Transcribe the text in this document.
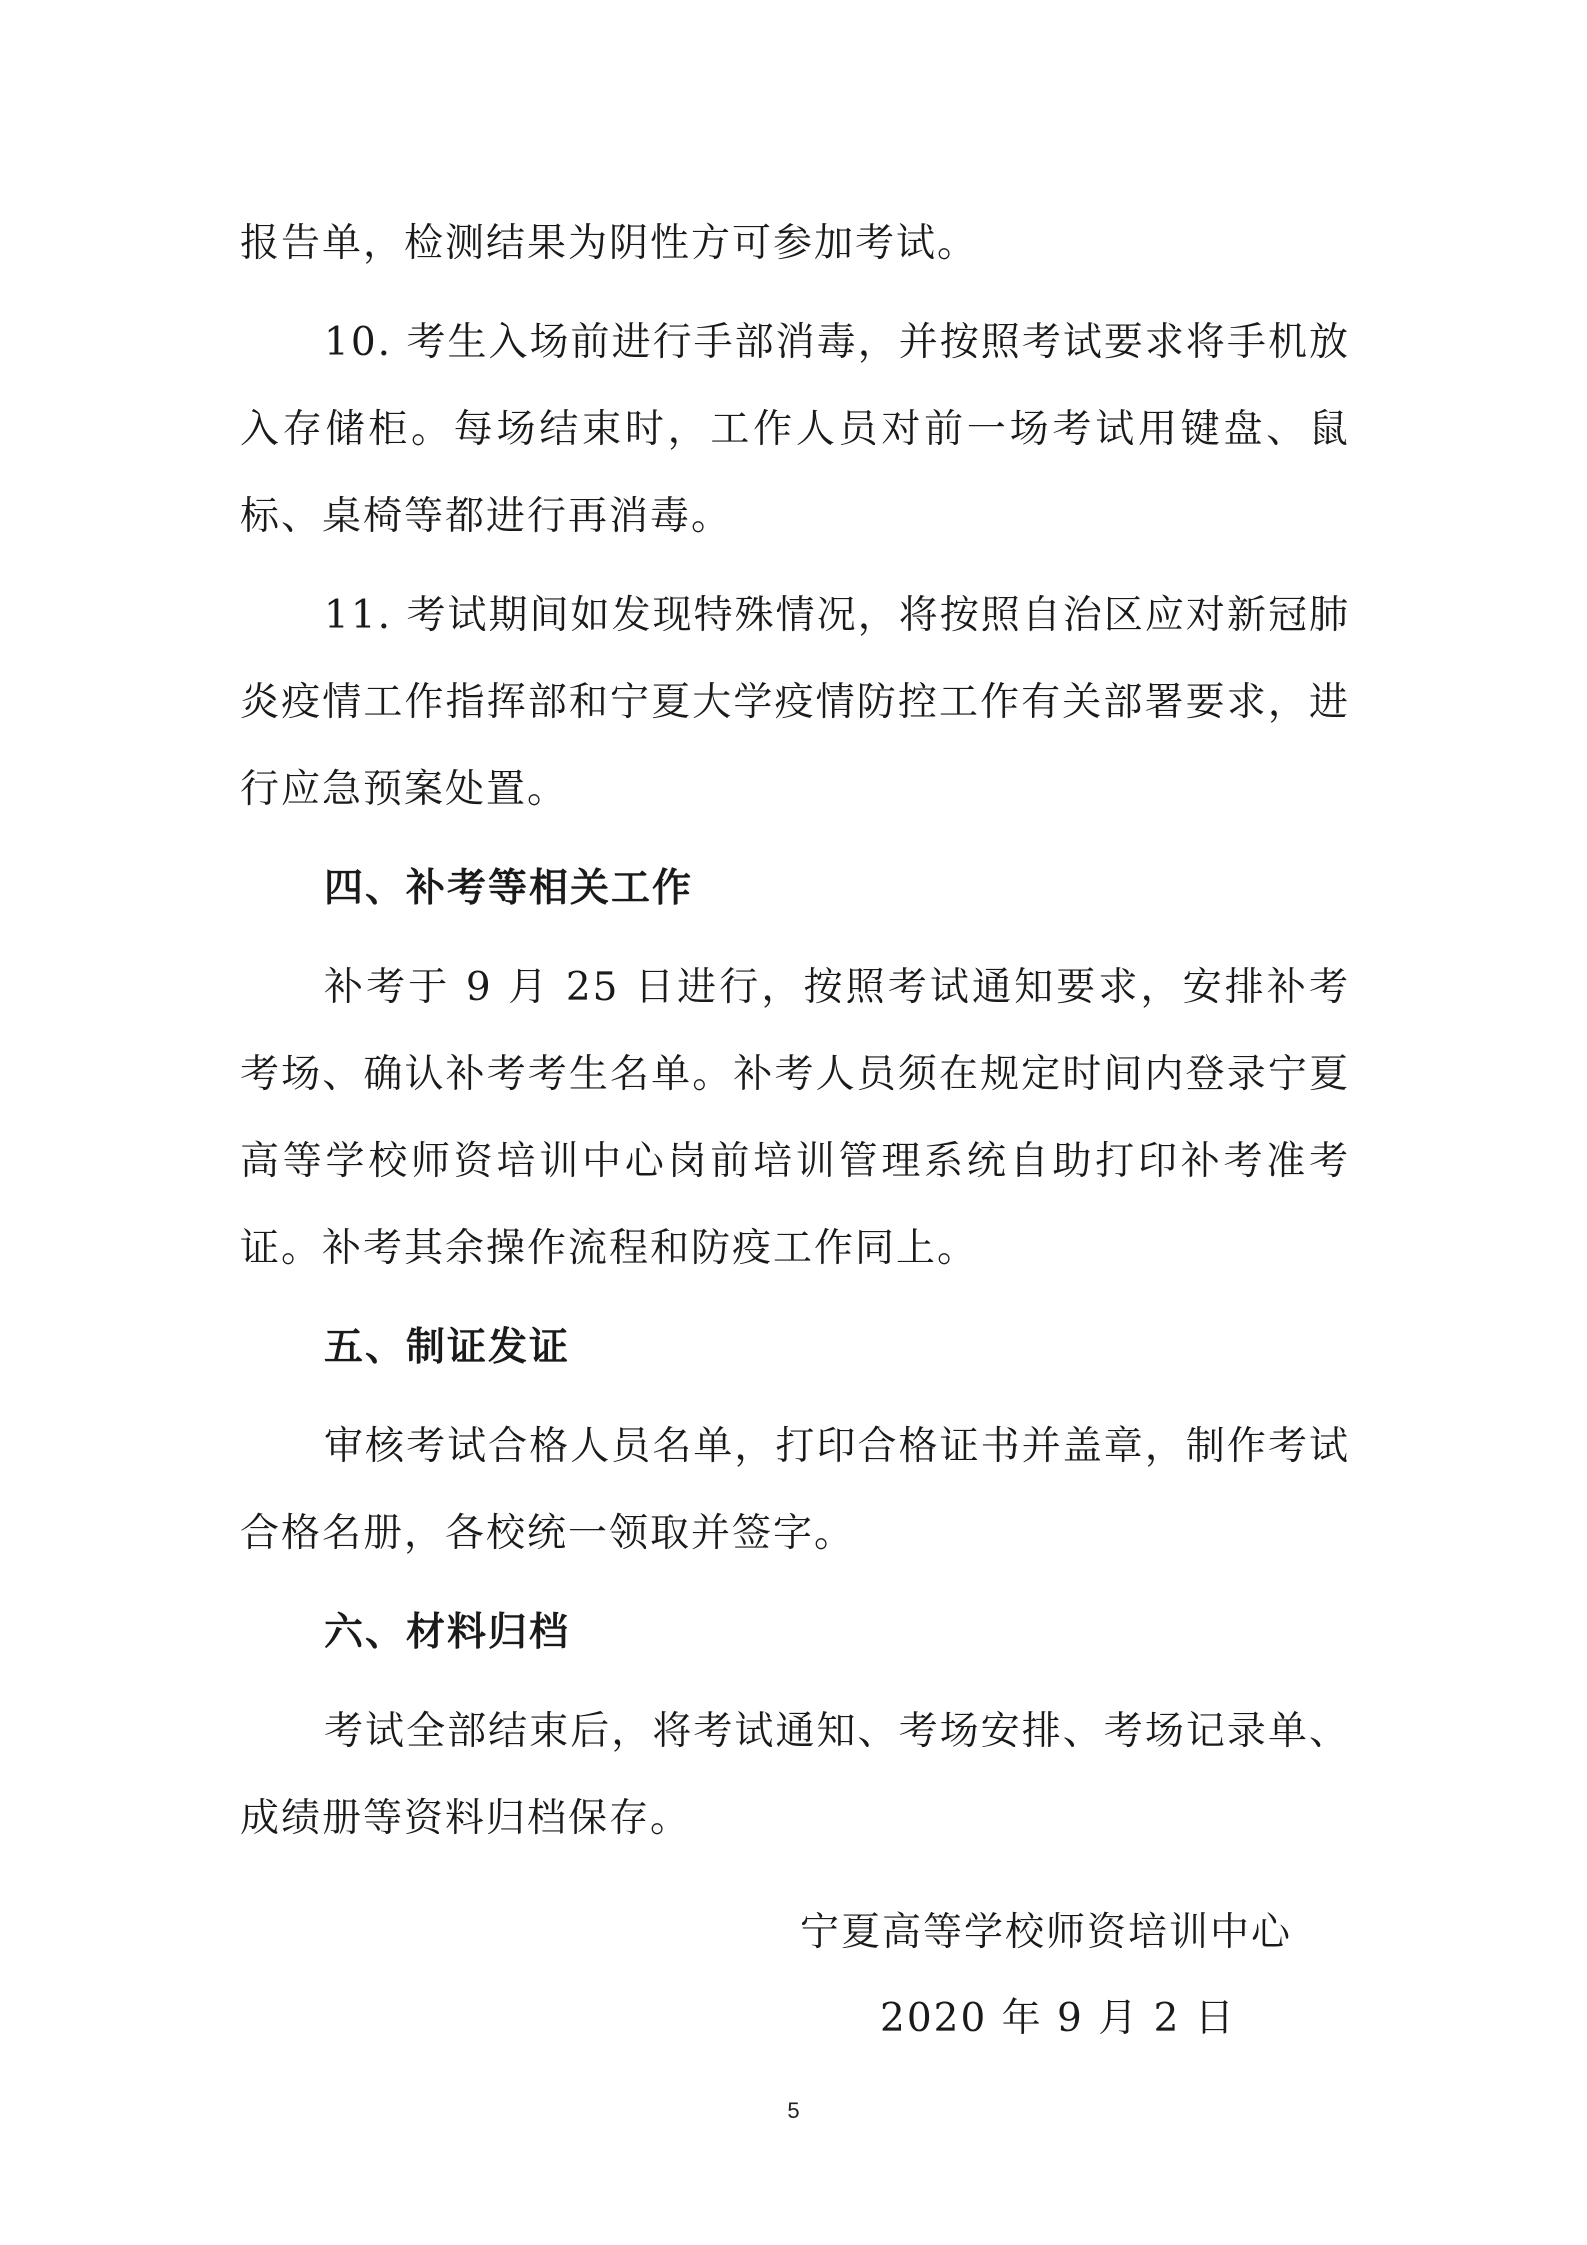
报告单，检测结果为阴性方可参加考试。

10. 考生入场前进行手部消毒，并按照考试要求将手机放入存储柜。每场结束时，工作人员对前一场考试用键盘、鼠标、桌椅等都进行再消毒。

11. 考试期间如发现特殊情况，将按照自治区应对新冠肺炎疫情工作指挥部和宁夏大学疫情防控工作有关部署要求，进行应急预案处置。

四、补考等相关工作

补考于 9 月 25 日进行，按照考试通知要求，安排补考考场、确认补考考生名单。补考人员须在规定时间内登录宁夏高等学校师资培训中心岗前培训管理系统自助打印补考准考证。补考其余操作流程和防疫工作同上。

五、制证发证

审核考试合格人员名单，打印合格证书并盖章，制作考试合格名册，各校统一领取并签字。

六、材料归档

考试全部结束后，将考试通知、考场安排、考场记录单、成绩册等资料归档保存。

宁夏高等学校师资培训中心
2020 年 9 月 2 日
5
